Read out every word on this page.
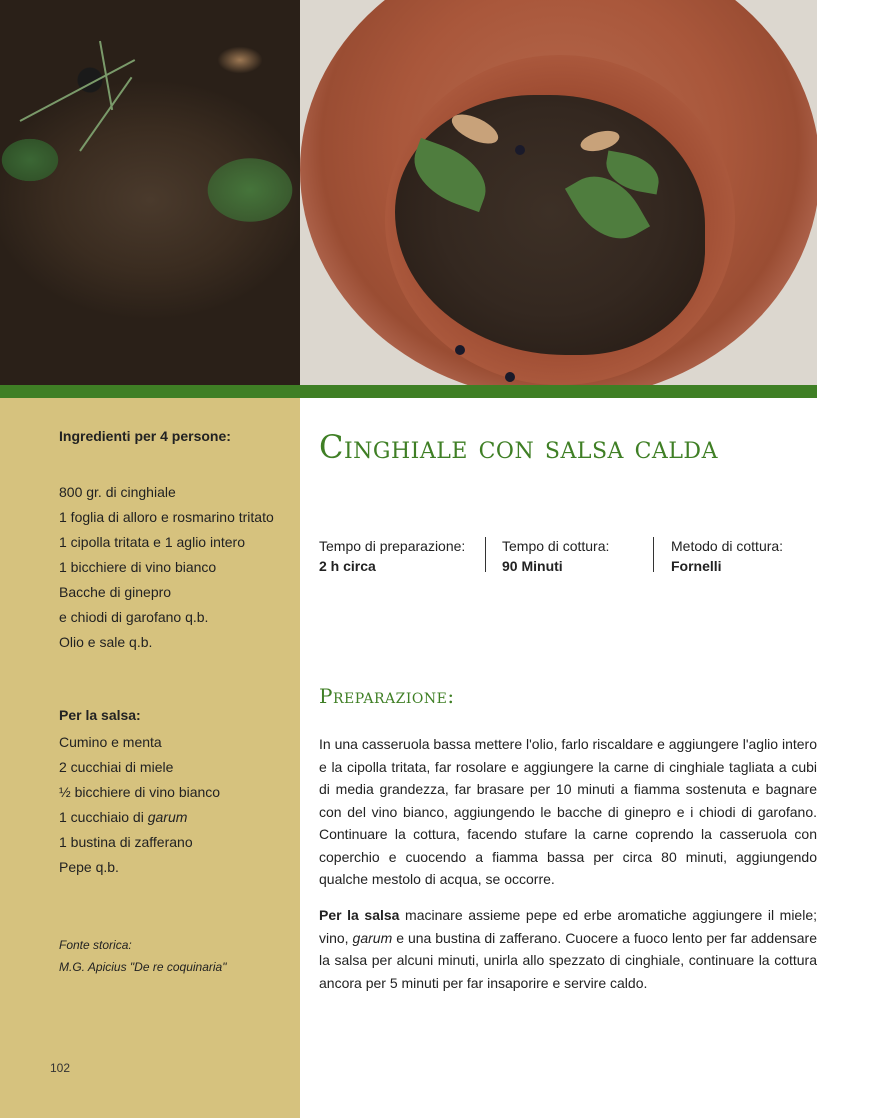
Ingredienti per 4 persone:
800 gr. di cinghiale
1 foglia di alloro e rosmarino tritato
1 cipolla tritata e 1 aglio intero
1 bicchiere di vino bianco
Bacche di ginepro
e chiodi di garofano q.b.
Olio e sale q.b.
Per la salsa:
Cumino e menta
2 cucchiai di miele
½ bicchiere di vino bianco
1 cucchiaio di garum
1 bustina di zafferano
Pepe q.b.
Fonte storica:
M.G. Apicius "De re coquinaria"
102
Cinghiale con salsa calda
Tempo di preparazione:
2 h circa
Tempo di cottura:
90 Minuti
Metodo di cottura:
Fornelli
Preparazione:

In una casseruola bassa mettere l'olio, farlo riscaldare e aggiungere l'aglio intero e la cipolla tritata, far rosolare e aggiungere la carne di cinghiale tagliata a cubi di media grandezza, far brasare per 10 minuti a fiamma sostenuta e bagnare con del vino bianco, aggiungendo le bacche di ginepro e i chiodi di garofano. Continuare la cottura, facendo stufare la carne coprendo la casseruola con coperchio e cuocendo a fiamma bassa per circa 80 minuti, aggiungendo qualche mestolo di acqua, se occorre.

Per la salsa macinare assieme pepe ed erbe aromatiche aggiungere il miele; vino, garum e una bustina di zafferano. Cuocere a fuoco lento per far addensare la salsa per alcuni minuti, unirla allo spezzato di cinghiale, continuare la cottura ancora per 5 minuti per far insaporire e servire caldo.
